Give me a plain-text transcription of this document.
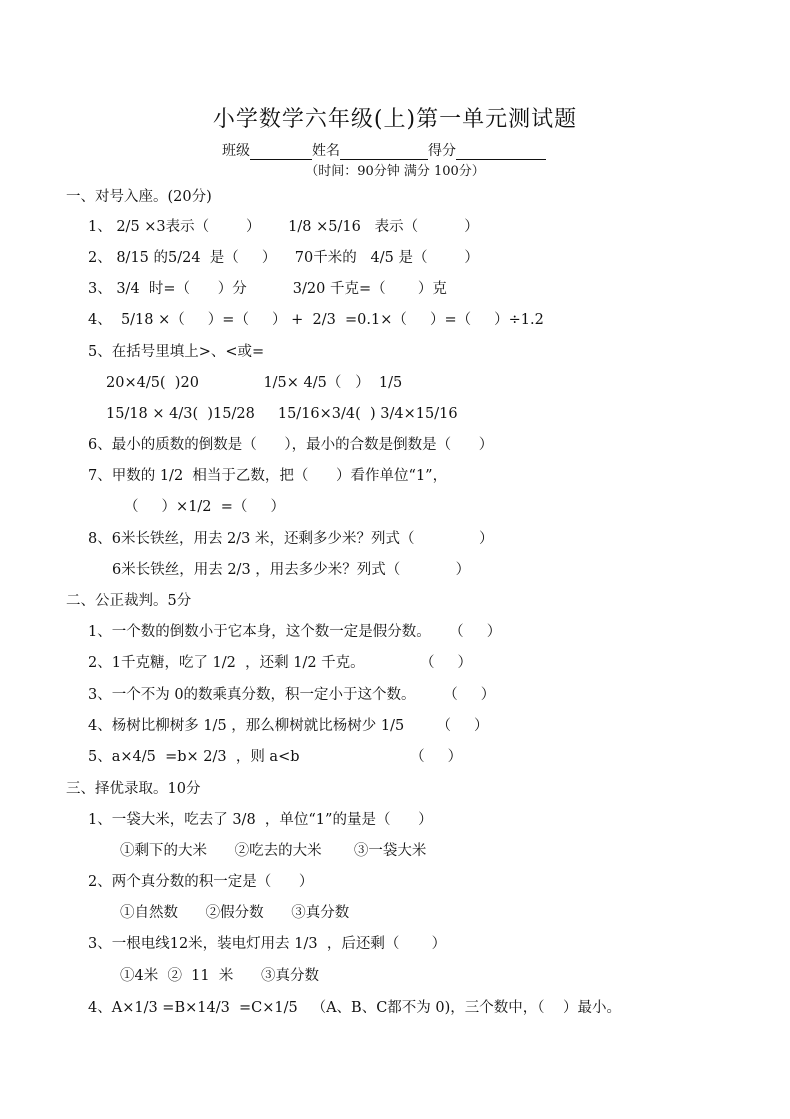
小学数学六年级(上)第一单元测试题
班级	姓名	得分
（时间：90分钟 满分 100分）
一、对号入座。(20分)
1、 2/5 ×3表示（        ）      1/8 ×5/16   表示（          ）
2、 8/15 的5/24  是（     ）    70千米的   4/5 是（        ）
3、 3/4  时=（      ）分          3/20 千克=（       ）克
4、  5/18 ×（     ）=（     ） +  2/3  =0.1×（     ）=（     ）÷1.2
5、在括号里填上>、<或=
20×4/5(  )20              1/5× 4/5（   ）  1/5
15/18 × 4/3(  )15/28     15/16×3/4(  ) 3/4×15/16
6、最小的质数的倒数是（      ），最小的合数是倒数是（      ）
7、甲数的 1/2  相当于乙数，把（      ）看作单位“1”，
（     ）×1/2  =（     ）
8、6米长铁丝，用去 2/3 米，还剩多少米？列式（              ）
6米长铁丝，用去 2/3 ，用去多少米？列式（            ）
二、公正裁判。5分
1、一个数的倒数小于它本身，这个数一定是假分数。    （     ）
2、1千克糖，吃了 1/2  ，还剩 1/2 千克。            （     ）
3、一个不为 0的数乘真分数，积一定小于这个数。      （     ）
4、杨树比柳树多 1/5 ，那么柳树就比杨树少 1/5       （     ）
5、a×4/5  =b× 2/3  ，则 a<b                        （     ）
三、择优录取。10分
1、一袋大米，吃去了 3/8  ，单位“1”的量是（      ）
①剩下的大米      ②吃去的大米       ③一袋大米
2、两个真分数的积一定是（      ）
①自然数      ②假分数      ③真分数
3、一根电线12米，装电灯用去 1/3  ，后还剩（       ）
①4米  ②  11  米      ③真分数
4、A×1/3 =B×14/3  =C×1/5   （A、B、C都不为 0)，三个数中，（    ）最小。
